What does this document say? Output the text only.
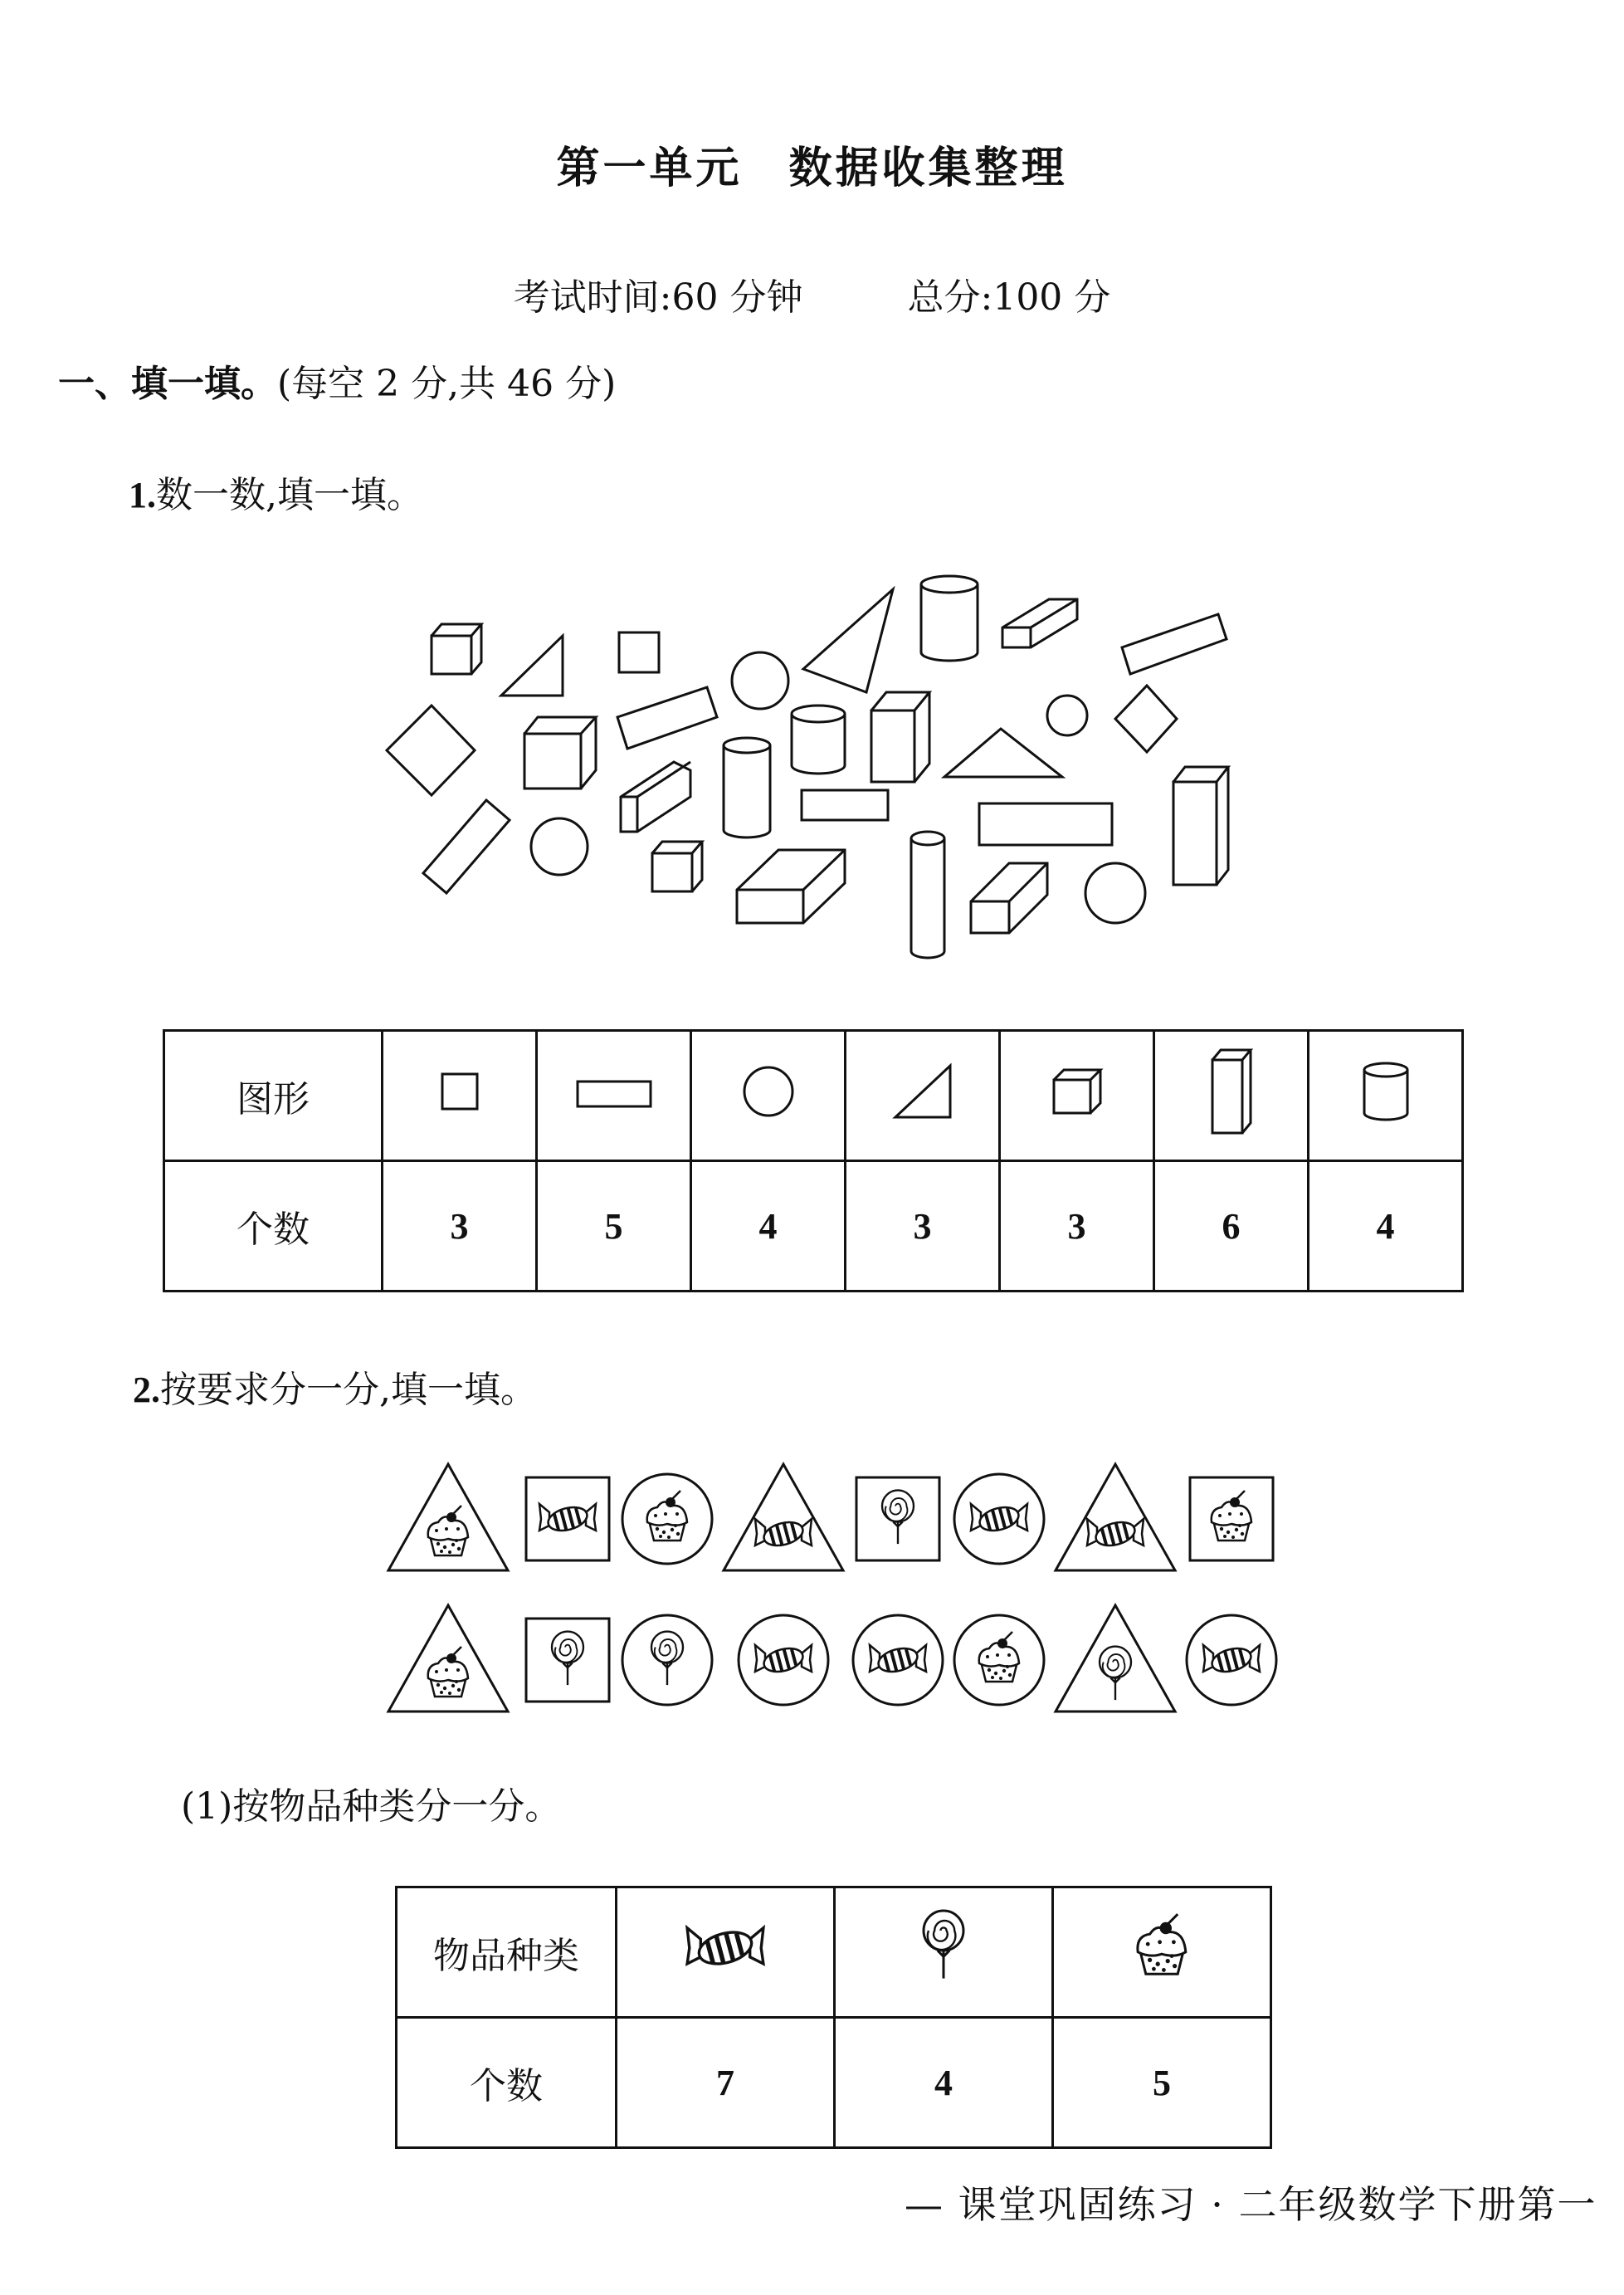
第一单元　数据收集整理
考试时间:60 分钟	总分:100 分
一、填一填。(每空 2 分,共 46 分)
1.数一数,填一填。
图形							
个数	3	5	4	3	3	6	4
2.按要求分一分,填一填。
(1)按物品种类分一分。
物品种类			
个数	7	4	5
— 课堂巩固练习 · 二年级数学下册第一
